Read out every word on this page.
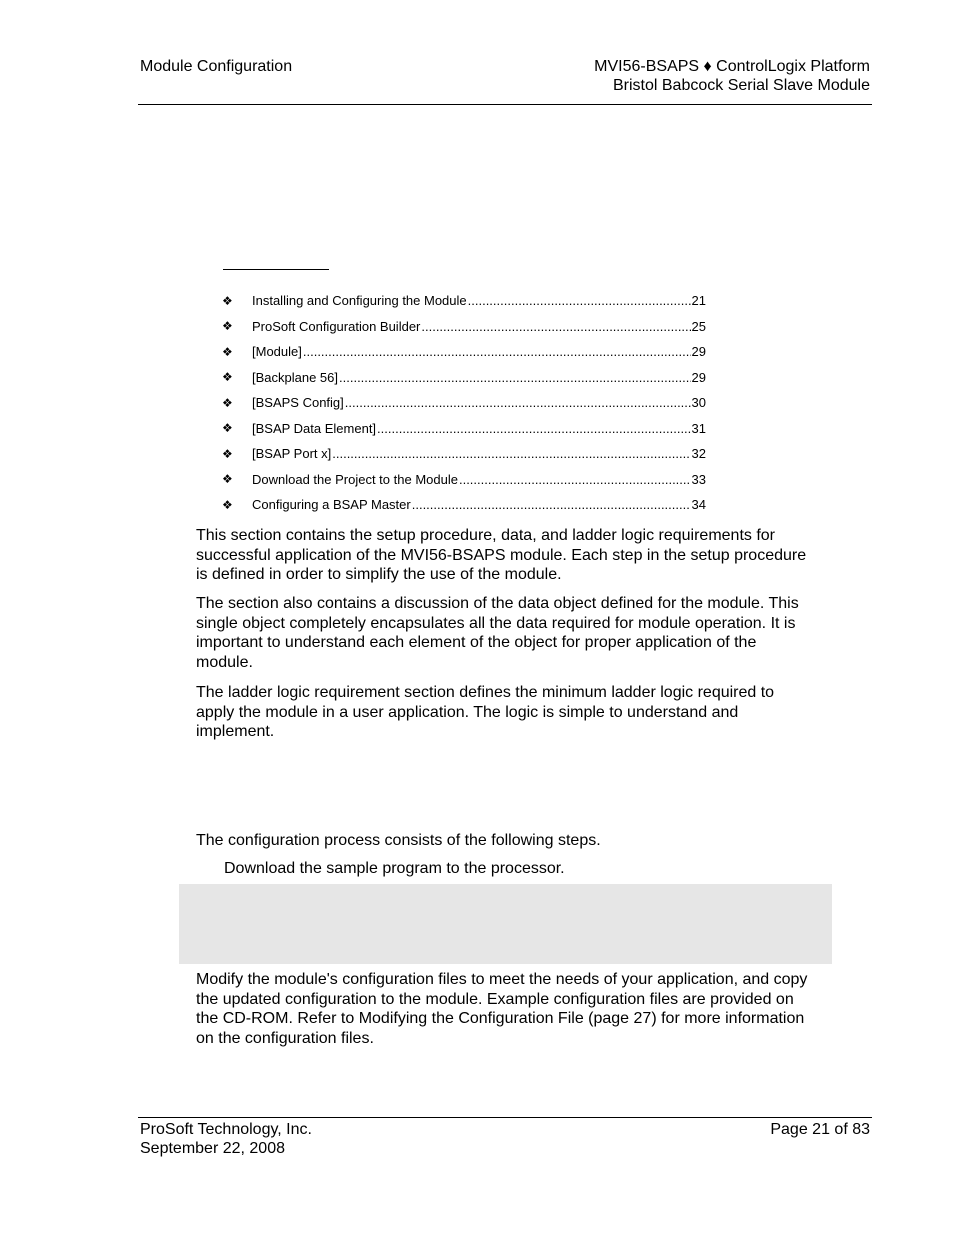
Module Configuration	MVI56-BSAPS ♦ ControlLogix Platform
Bristol Babcock Serial Slave Module
❖	Installing and Configuring the Module .....	21
❖	ProSoft Configuration Builder .....	25
❖	[Module] .....	29
❖	[Backplane 56] .....	29
❖	[BSAPS Config] .....	30
❖	[BSAP Data Element] .....	31
❖	[BSAP Port x] .....	32
❖	Download the Project to the Module .....	33
❖	Configuring a BSAP Master .....	34

This section contains the setup procedure, data, and ladder logic requirements for successful application of the MVI56-BSAPS module. Each step in the setup procedure is defined in order to simplify the use of the module.

The section also contains a discussion of the data object defined for the module. This single object completely encapsulates all the data required for module operation. It is important to understand each element of the object for proper application of the module.

The ladder logic requirement section defines the minimum ladder logic required to apply the module in a user application. The logic is simple to understand and implement.

The configuration process consists of the following steps.

Download the sample program to the processor.

Modify the module's configuration files to meet the needs of your application, and copy the updated configuration to the module. Example configuration files are provided on the CD-ROM. Refer to Modifying the Configuration File (page 27) for more information on the configuration files.

ProSoft Technology, Inc.
September 22, 2008
Page 21 of 83
